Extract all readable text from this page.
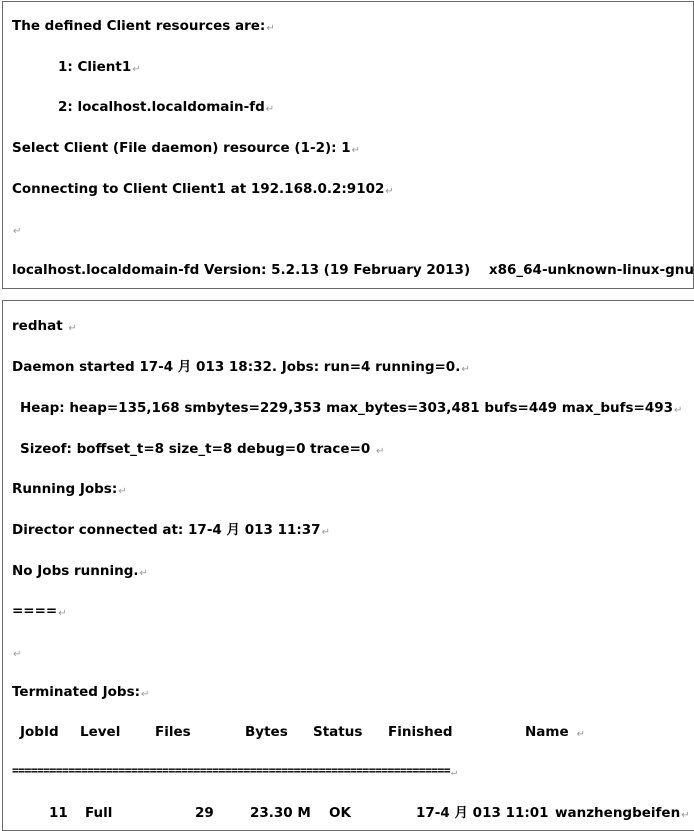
The defined Client resources are:↵
1: Client1↵
2: localhost.localdomain-fd↵
Select Client (File daemon) resource (1-2): 1↵
Connecting to Client Client1 at 192.168.0.2:9102↵
↵
localhost.localdomain-fd Version: 5.2.13 (19 February 2013)    x86_64-unknown-linux-gnu
redhat ↵
Daemon started 17-4 月 013 18:32. Jobs: run=4 running=0.↵
Heap: heap=135,168 smbytes=229,353 max_bytes=303,481 bufs=449 max_bufs=493↵
Sizeof: boffset_t=8 size_t=8 debug=0 trace=0 ↵
Running Jobs:↵
Director connected at: 17-4 月 013 11:37↵
No Jobs running.↵
====↵
↵
Terminated Jobs:↵
JobId Level	Files	Bytes Status Finished	Name ↵
======================================================================↵
11 Full	29	23.30 M OK	17-4 月 013 11:01 wanzhengbeifen↵
